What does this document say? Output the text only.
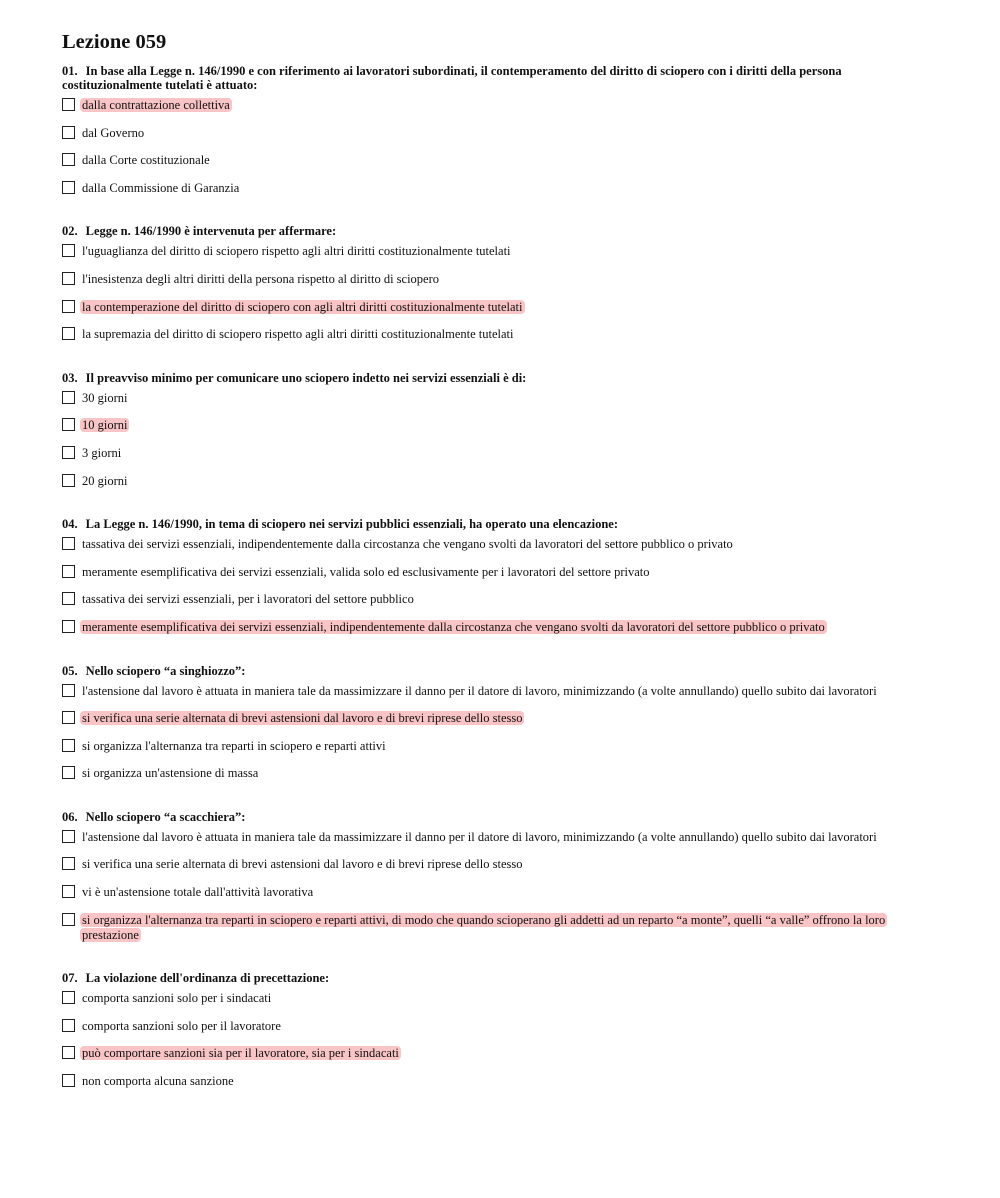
Lezione 059
01. In base alla Legge n. 146/1990 e con riferimento ai lavoratori subordinati, il contemperamento del diritto di sciopero con i diritti della persona costituzionalmente tutelati è attuato:
dalla contrattazione collettiva
dal Governo
dalla Corte costituzionale
dalla Commissione di Garanzia
02. Legge n. 146/1990 è intervenuta per affermare:
l'uguaglianza del diritto di sciopero rispetto agli altri diritti costituzionalmente tutelati
l'inesistenza degli altri diritti della persona rispetto al diritto di sciopero
la contemperazione del diritto di sciopero con agli altri diritti costituzionalmente tutelati
la supremazia del diritto di sciopero rispetto agli altri diritti costituzionalmente tutelati
03. Il preavviso minimo per comunicare uno sciopero indetto nei servizi essenziali è di:
30 giorni
10 giorni
3 giorni
20 giorni
04. La Legge n. 146/1990, in tema di sciopero nei servizi pubblici essenziali, ha operato una elencazione:
tassativa dei servizi essenziali, indipendentemente dalla circostanza che vengano svolti da lavoratori del settore pubblico o privato
meramente esemplificativa dei servizi essenziali, valida solo ed esclusivamente per i lavoratori del settore privato
tassativa dei servizi essenziali, per i lavoratori del settore pubblico
meramente esemplificativa dei servizi essenziali, indipendentemente dalla circostanza che vengano svolti da lavoratori del settore pubblico o privato
05. Nello sciopero “a singhiozzo”:
l'astensione dal lavoro è attuata in maniera tale da massimizzare il danno per il datore di lavoro, minimizzando (a volte annullando) quello subito dai lavoratori
si verifica una serie alternata di brevi astensioni dal lavoro e di brevi riprese dello stesso
si organizza l'alternanza tra reparti in sciopero e reparti attivi
si organizza un'astensione di massa
06. Nello sciopero “a scacchiera”:
l'astensione dal lavoro è attuata in maniera tale da massimizzare il danno per il datore di lavoro, minimizzando (a volte annullando) quello subito dai lavoratori
si verifica una serie alternata di brevi astensioni dal lavoro e di brevi riprese dello stesso
vi è un'astensione totale dall'attività lavorativa
si organizza l'alternanza tra reparti in sciopero e reparti attivi, di modo che quando scioperano gli addetti ad un reparto “a monte”, quelli “a valle” offrono la loro prestazione
07. La violazione dell'ordinanza di precettazione:
comporta sanzioni solo per i sindacati
comporta sanzioni solo per il lavoratore
può comportare sanzioni sia per il lavoratore, sia per i sindacati
non comporta alcuna sanzione
